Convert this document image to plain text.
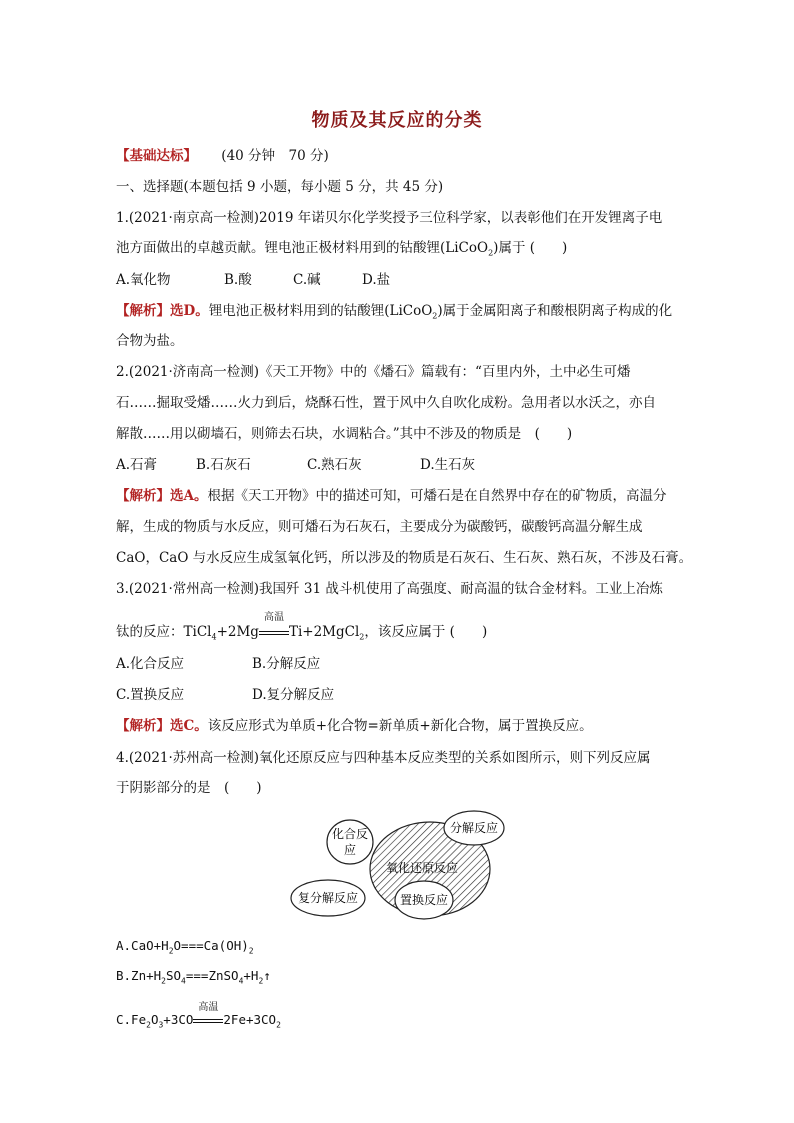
物质及其反应的分类
【基础达标】 (40 分钟　70 分)
一、选择题(本题包括 9 小题，每小题 5 分，共 45 分)
1.(2021·南京高一检测)2019 年诺贝尔化学奖授予三位科学家，以表彰他们在开发锂离子电
池方面做出的卓越贡献。锂电池正极材料用到的钴酸锂(LiCoO$_2$)属于 (　　)
A.氧化物	B.酸	C.碱	D.盐
【解析】选D。锂电池正极材料用到的钴酸锂(LiCoO$_2$)属于金属阳离子和酸根阴离子构成的化
合物为盐。
2.(2021·济南高一检测)《天工开物》中的《燔石》篇载有：“百里内外，土中必生可燔
石……掘取受燔……火力到后，烧酥石性，置于风中久自吹化成粉。急用者以水沃之，亦自
解散……用以砌墙石，则筛去石块，水调粘合。”其中不涉及的物质是　(　　)
A.石膏	B.石灰石	C.熟石灰	D.生石灰
【解析】选A。根据《天工开物》中的描述可知，可燔石是在自然界中存在的矿物质，高温分
解，生成的物质与水反应，则可燔石为石灰石，主要成分为碳酸钙，碳酸钙高温分解生成
CaO，CaO 与水反应生成氢氧化钙，所以涉及的物质是石灰石、生石灰、熟石灰，不涉及石膏。
3.(2021·常州高一检测)我国歼 31 战斗机使用了高强度、耐高温的钛合金材料。工业上冶炼
钛的反应：TiCl$_4$+2Mg
高温
Ti+2MgCl$_2$，该反应属于 (　　)
A.化合反应	B.分解反应
C.置换反应	D.复分解反应
【解析】选C。该反应形式为单质+化合物=新单质+新化合物，属于置换反应。
4.(2021·苏州高一检测)氧化还原反应与四种基本反应类型的关系如图所示，则下列反应属
于阴影部分的是　(　　)
化合反
应
分解反应
氧化还原反应
复分解反应	置换反应
$A.CaO+H_2O===Ca(OH)_2$
$B.Zn+H_2SO_4===ZnSO_4+H_2↑$
$C.Fe_2O_3+3CO$
高温
$2Fe+3CO_2$
